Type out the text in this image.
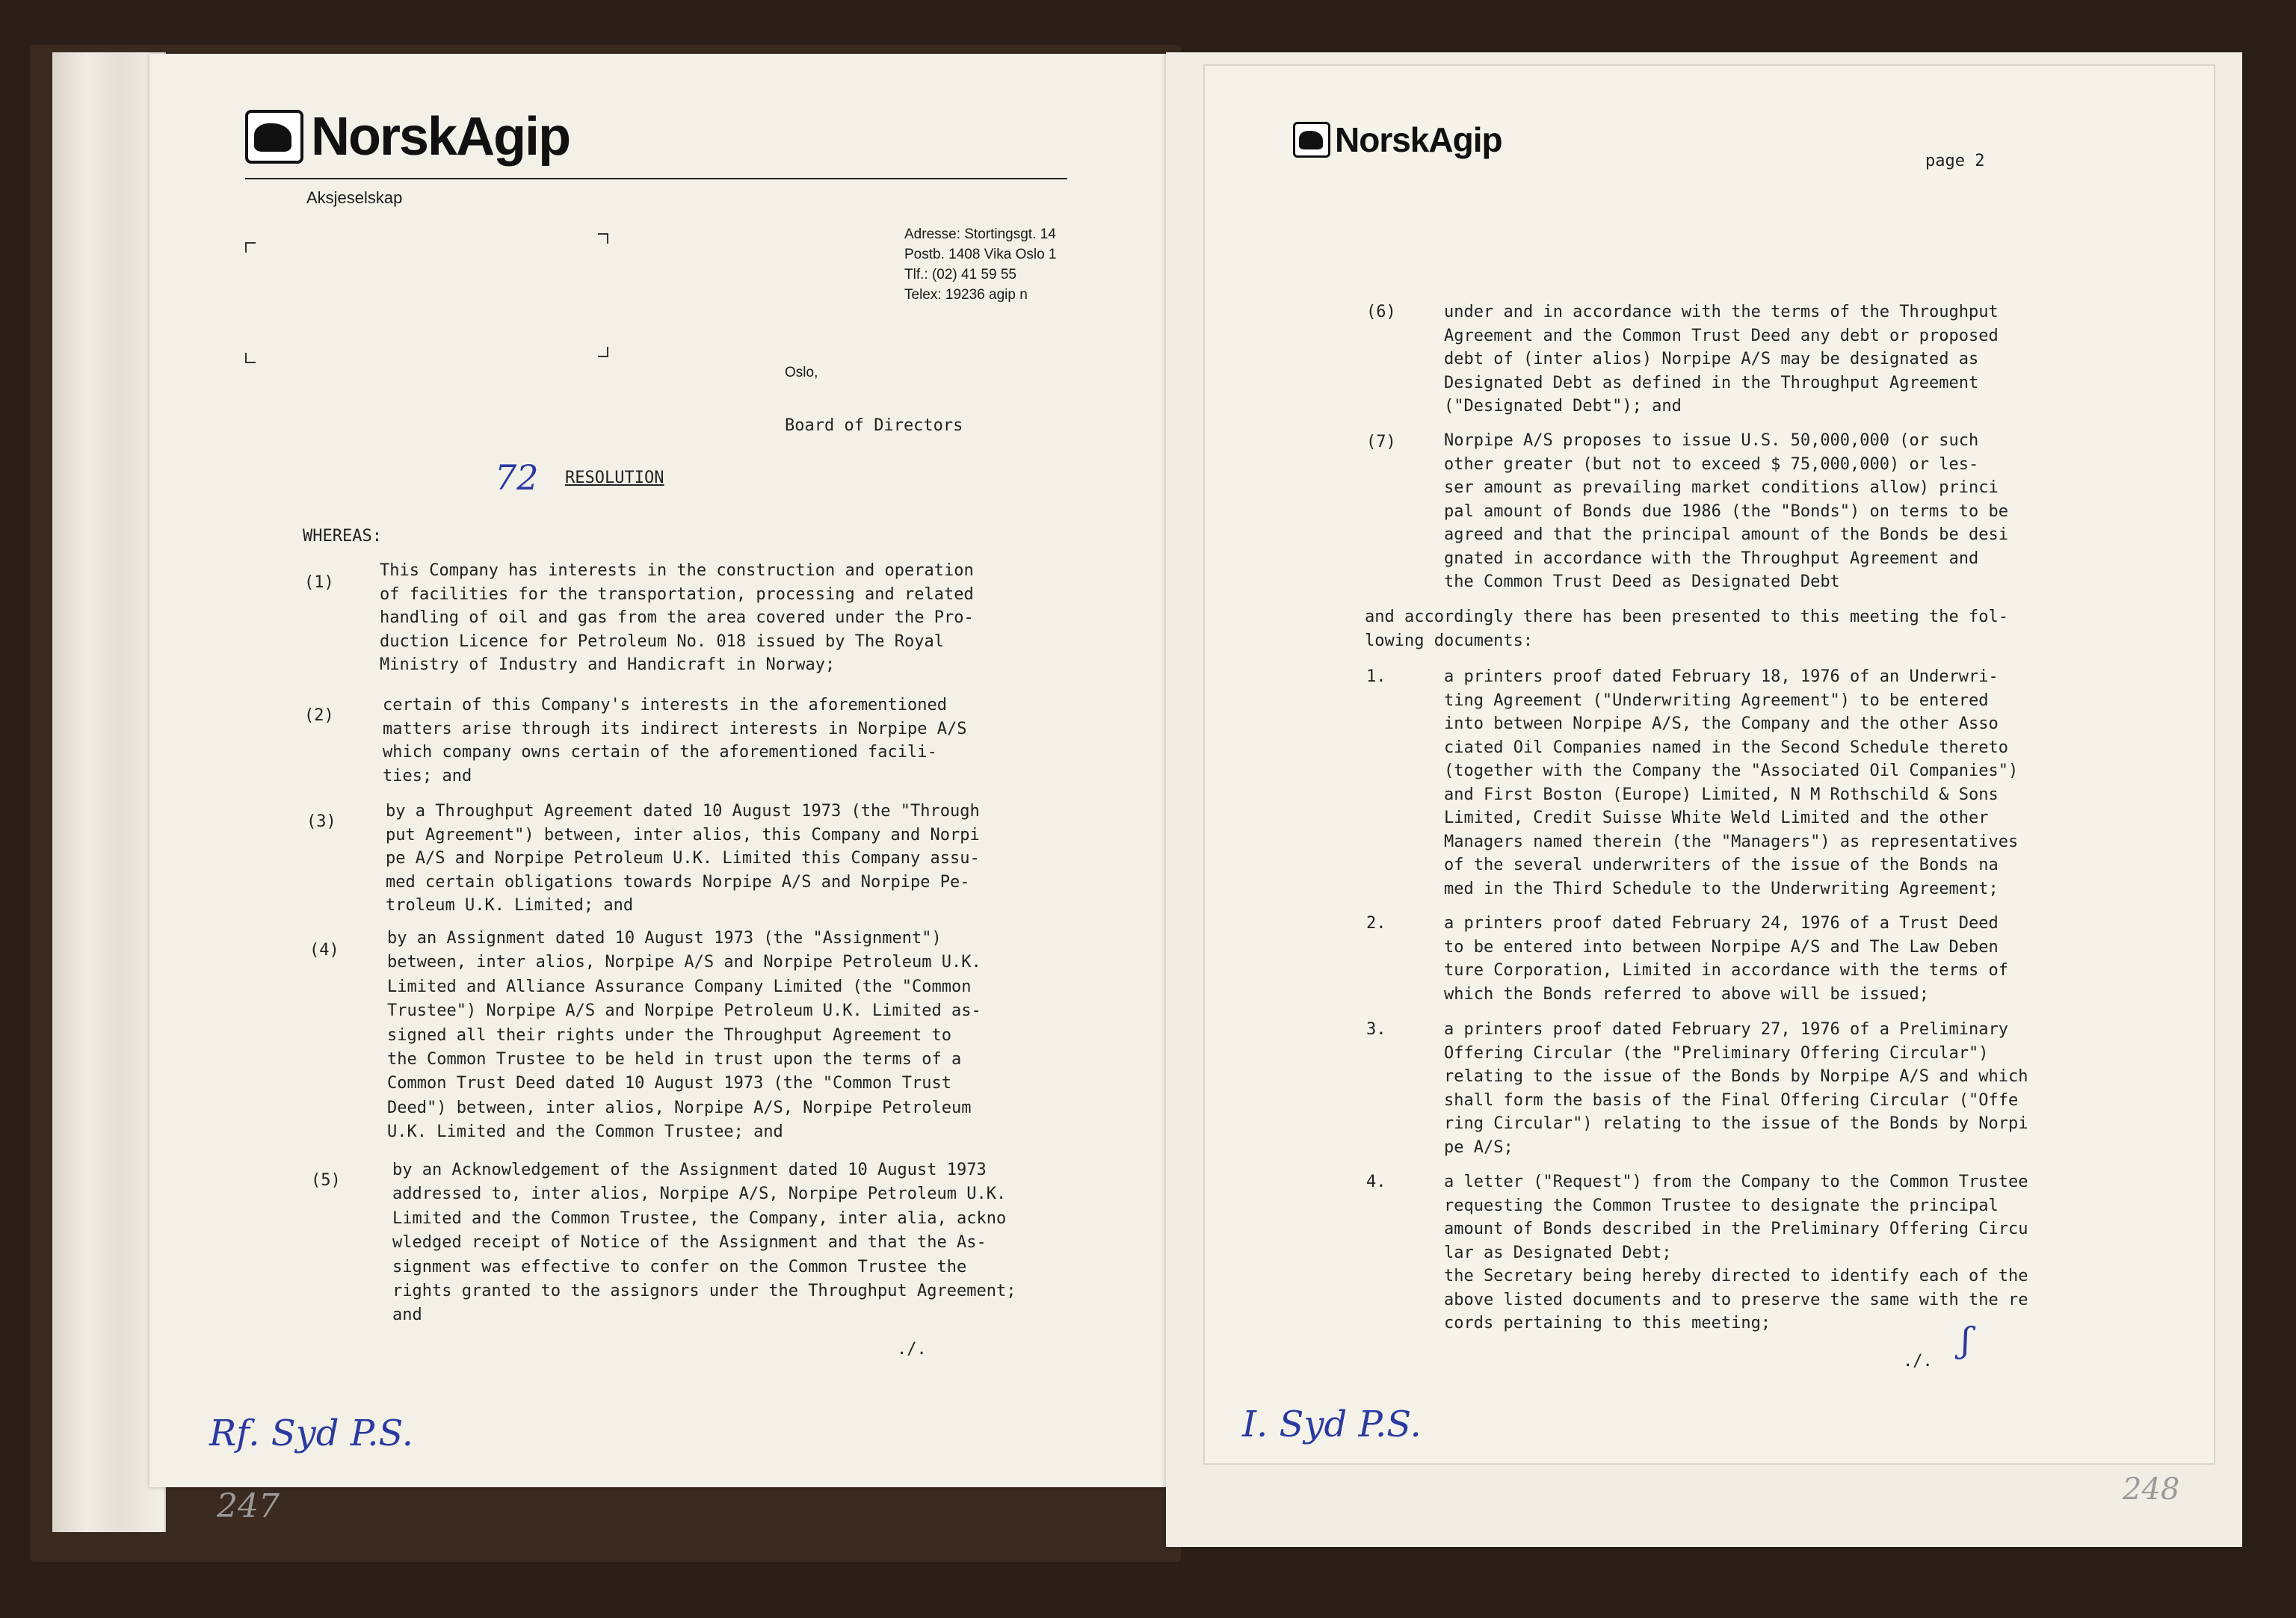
NorskAgip
Aksjeselskap
Adresse: Stortingsgt. 14
Postb. 1408 Vika Oslo 1
Tlf.: (02) 41 59 55
Telex: 19236 agip n
Oslo,
Board of Directors
72 RESOLUTION
WHEREAS:
(1)
This Company has interests in the construction and operation
of facilities for the transportation, processing and related
handling of oil and gas from the area covered under the Pro-
duction Licence for Petroleum No. 018 issued by The Royal
Ministry of Industry and Handicraft in Norway;
(2)
certain of this Company's interests in the aforementioned
matters arise through its indirect interests in Norpipe A/S
which company owns certain of the aforementioned facili-
ties; and
(3)
by a Throughput Agreement dated 10 August 1973 (the "Through
put Agreement") between, inter alios, this Company and Norpi
pe A/S and Norpipe Petroleum U.K. Limited this Company assu-
med certain obligations towards Norpipe A/S and Norpipe Pe-
troleum U.K. Limited; and
(4)
by an Assignment dated 10 August 1973 (the "Assignment")
between, inter alios, Norpipe A/S and Norpipe Petroleum U.K.
Limited and Alliance Assurance Company Limited (the "Common
Trustee") Norpipe A/S and Norpipe Petroleum U.K. Limited as-
signed all their rights under the Throughput Agreement to
the Common Trustee to be held in trust upon the terms of a
Common Trust Deed dated 10 August 1973 (the "Common Trust
Deed") between, inter alios, Norpipe A/S, Norpipe Petroleum
U.K. Limited and the Common Trustee; and
(5)
by an Acknowledgement of the Assignment dated 10 August 1973
addressed to, inter alios, Norpipe A/S, Norpipe Petroleum U.K.
Limited and the Common Trustee, the Company, inter alia, ackno
wledged receipt of Notice of the Assignment and that the As-
signment was effective to confer on the Common Trustee the
rights granted to the assignors under the Throughput Agreement;
and
./.
Rf. Syd P.S.
247
NorskAgip
page 2
(6)	under and in accordance with the terms of the Throughput
Agreement and the Common Trust Deed any debt or proposed
debt of (inter alios) Norpipe A/S may be designated as
Designated Debt as defined in the Throughput Agreement
("Designated Debt"); and
(7)	Norpipe A/S proposes to issue U.S. 50,000,000 (or such
other greater (but not to exceed $ 75,000,000) or les-
ser amount as prevailing market conditions allow) princi
pal amount of Bonds due 1986 (the "Bonds") on terms to be
agreed and that the principal amount of the Bonds be desi
gnated in accordance with the Throughput Agreement and
the Common Trust Deed as Designated Debt
and accordingly there has been presented to this meeting the fol-
lowing documents:
1.	a printers proof dated February 18, 1976 of an Underwri-
ting Agreement ("Underwriting Agreement") to be entered
into between Norpipe A/S, the Company and the other Asso
ciated Oil Companies named in the Second Schedule thereto
(together with the Company the "Associated Oil Companies")
and First Boston (Europe) Limited, N M Rothschild & Sons
Limited, Credit Suisse White Weld Limited and the other
Managers named therein (the "Managers") as representatives
of the several underwriters of the issue of the Bonds na
med in the Third Schedule to the Underwriting Agreement;
2.	a printers proof dated February 24, 1976 of a Trust Deed
to be entered into between Norpipe A/S and The Law Deben
ture Corporation, Limited in accordance with the terms of
which the Bonds referred to above will be issued;
3.	a printers proof dated February 27, 1976 of a Preliminary
Offering Circular (the "Preliminary Offering Circular")
relating to the issue of the Bonds by Norpipe A/S and which
shall form the basis of the Final Offering Circular ("Offe
ring Circular") relating to the issue of the Bonds by Norpi
pe A/S;
4.	a letter ("Request") from the Company to the Common Trustee
requesting the Common Trustee to designate the principal
amount of Bonds described in the Preliminary Offering Circu
lar as Designated Debt;
the Secretary being hereby directed to identify each of the
above listed documents and to preserve the same with the re
cords pertaining to this meeting;
./.
ʃ
I. Syd P.S.
248
